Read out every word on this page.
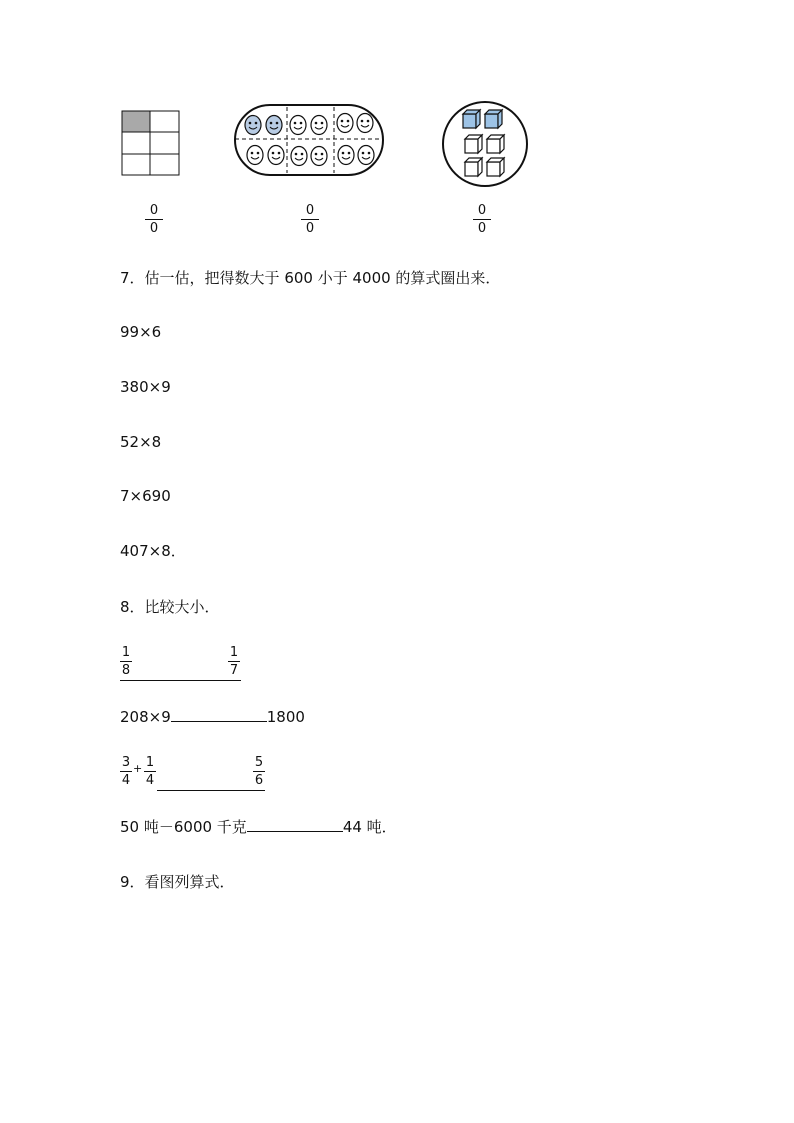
0
0
0
0
0
0
7．估一估，把得数大于 600 小于 4000 的算式圈出来．
99×6
380×9
52×8
7×690
407×8．
8．比较大小．
1
8
1
7
208×9	1800
3
4
+ 1
4
5
6
50 吨－6000 千克	44 吨．
9．看图列算式．
